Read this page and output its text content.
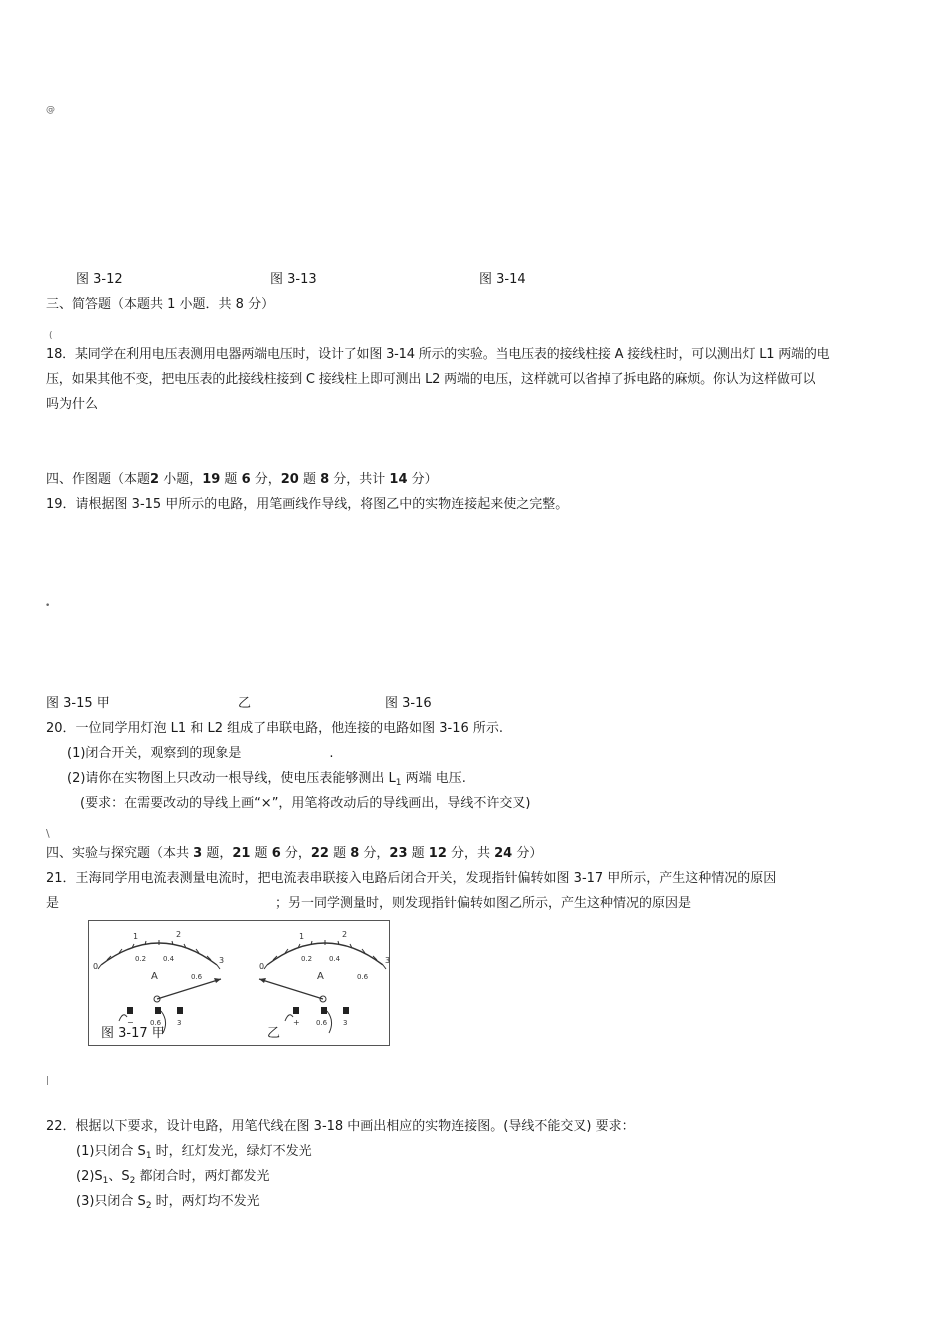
@
(
•
\
|
图 3-12	图 3-13	图 3-14
三、简答题（本题共 1 小题．共 8 分）
18．某同学在利用电压表测用电器两端电压时，设计了如图 3-14 所示的实验。当电压表的接线柱接 A 接线柱时，可以测出灯 L1 两端的电
压，如果其他不变，把电压表的此接线柱接到 C 接线柱上即可测出 L2 两端的电压，这样就可以省掉了拆电路的麻烦。你认为这样做可以
吗为什么
四、作图题（本题2 小题，19 题 6 分，20 题 8 分，共计 14 分）
19．请根据图 3-15 甲所示的电路，用笔画线作导线，将图乙中的实物连接起来使之完整。
图 3-15 甲	乙	图 3-16
20．一位同学用灯泡 L1 和 L2 组成了串联电路，他连接的电路如图 3-16 所示.
(1)闭合开关，观察到的现象是	.
(2)请你在实物图上只改动一根导线，使电压表能够测出 $L_1$ 两端 电压.
(要求：在需要改动的导线上画“×”，用笔将改动后的导线画出，导线不许交叉)
四、实验与探究题（本共 3 题，21 题 6 分，22 题 8 分，23 题 12 分，共 24 分）
21．王海同学用电流表测量电流时，把电流表串联接入电路后闭合开关，发现指针偏转如图 3-17 甲所示，产生这种情况的原因
是	；另一同学测量时，则发现指针偏转如图乙所示，产生这种情况的原因是
1	2
3
0
0.2 0.4
0.6
A
− 0.6 3
1	2
3
0
0.2 0.4
0.6
A
+ 0.6 3
图 3-17 甲	乙
22．根据以下要求，设计电路，用笔代线在图 3-18 中画出相应的实物连接图。(导线不能交叉) 要求：
(1)只闭合 $S_1$ 时，红灯发光，绿灯不发光
$(2)S_1$、$S_2$ 都闭合时，两灯都发光
(3)只闭合 $S_2$ 时，两灯均不发光
